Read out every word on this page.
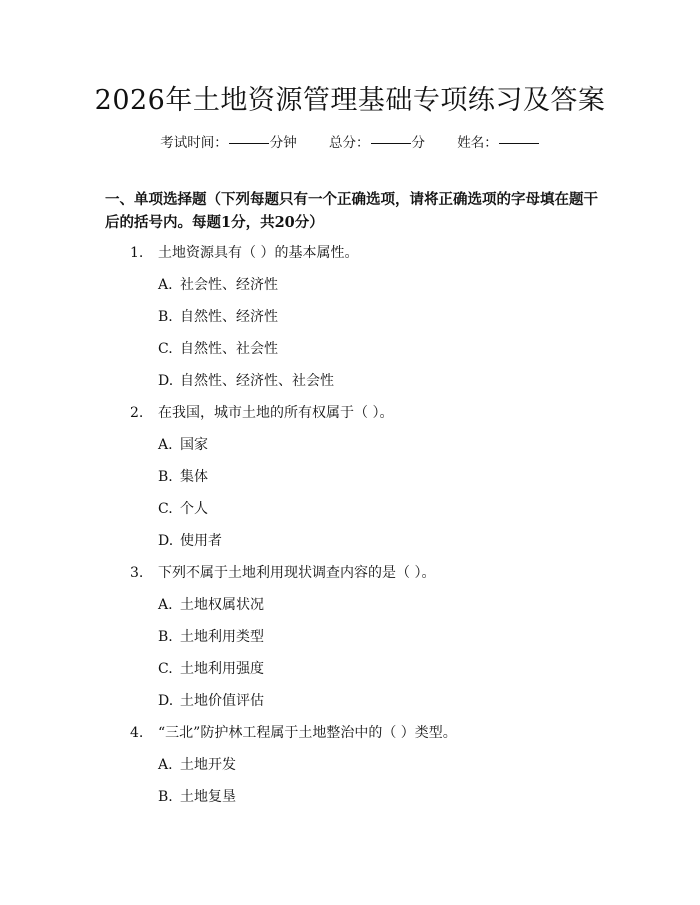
2026年土地资源管理基础专项练习及答案
考试时间：	分钟 总分：	分 姓名：
一、单项选择题（下列每题只有一个正确选项，请将正确选项的字母填在题干后的括号内。每题1分，共20分）
1. 土地资源具有（ ）的基本属性。
A. 社会性、经济性
B. 自然性、经济性
C. 自然性、社会性
D. 自然性、经济性、社会性
2. 在我国，城市土地的所有权属于（ ）。
A. 国家
B. 集体
C. 个人
D. 使用者
3. 下列不属于土地利用现状调查内容的是（ ）。
A. 土地权属状况
B. 土地利用类型
C. 土地利用强度
D. 土地价值评估
4. “三北”防护林工程属于土地整治中的（ ）类型。
A. 土地开发
B. 土地复垦
